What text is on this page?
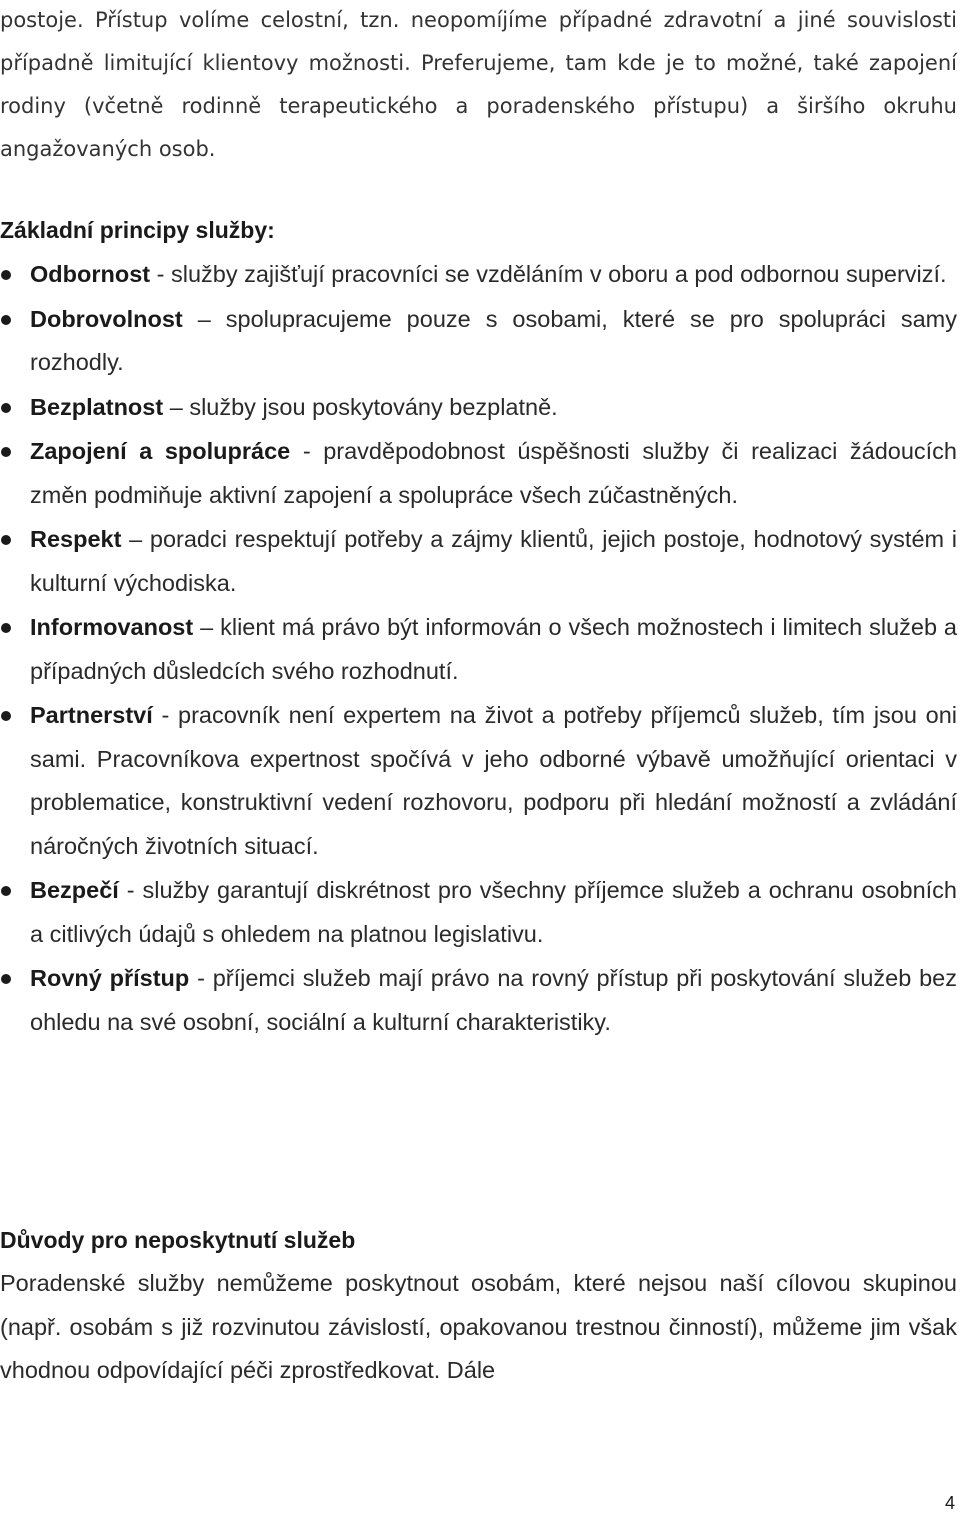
postoje. Přístup volíme celostní, tzn. neopomíjíme případné zdravotní a jiné souvislosti případně limitující klientovy možnosti. Preferujeme, tam kde je to možné, také zapojení rodiny (včetně rodinně terapeutického a poradenského přístupu) a širšího okruhu angažovaných osob.

Základní principy služby:
Odbornost - služby zajišťují pracovníci se vzděláním v oboru a pod odbornou supervizí.
Dobrovolnost – spolupracujeme pouze s osobami, které se pro spolupráci samy rozhodly.
Bezplatnost – služby jsou poskytovány bezplatně.
Zapojení a spolupráce - pravděpodobnost úspěšnosti služby či realizaci žádoucích změn podmiňuje aktivní zapojení a spolupráce všech zúčastněných.
Respekt – poradci respektují potřeby a zájmy klientů, jejich postoje, hodnotový systém i kulturní východiska.
Informovanost – klient má právo být informován o všech možnostech i limitech služeb a případných důsledcích svého rozhodnutí.
Partnerství - pracovník není expertem na život a potřeby příjemců služeb, tím jsou oni sami. Pracovníkova expertnost spočívá v jeho odborné výbavě umožňující orientaci v problematice, konstruktivní vedení rozhovoru, podporu při hledání možností a zvládání náročných životních situací.
Bezpečí - služby garantují diskrétnost pro všechny příjemce služeb a ochranu osobních a citlivých údajů s ohledem na platnou legislativu.
Rovný přístup - příjemci služeb mají právo na rovný přístup při poskytování služeb bez ohledu na své osobní, sociální a kulturní charakteristiky.
Důvody pro neposkytnutí služeb

Poradenské služby nemůžeme poskytnout osobám, které nejsou naší cílovou skupinou (např. osobám s již rozvinutou závislostí, opakovanou trestnou činností), můžeme jim však vhodnou odpovídající péči zprostředkovat. Dále

4
